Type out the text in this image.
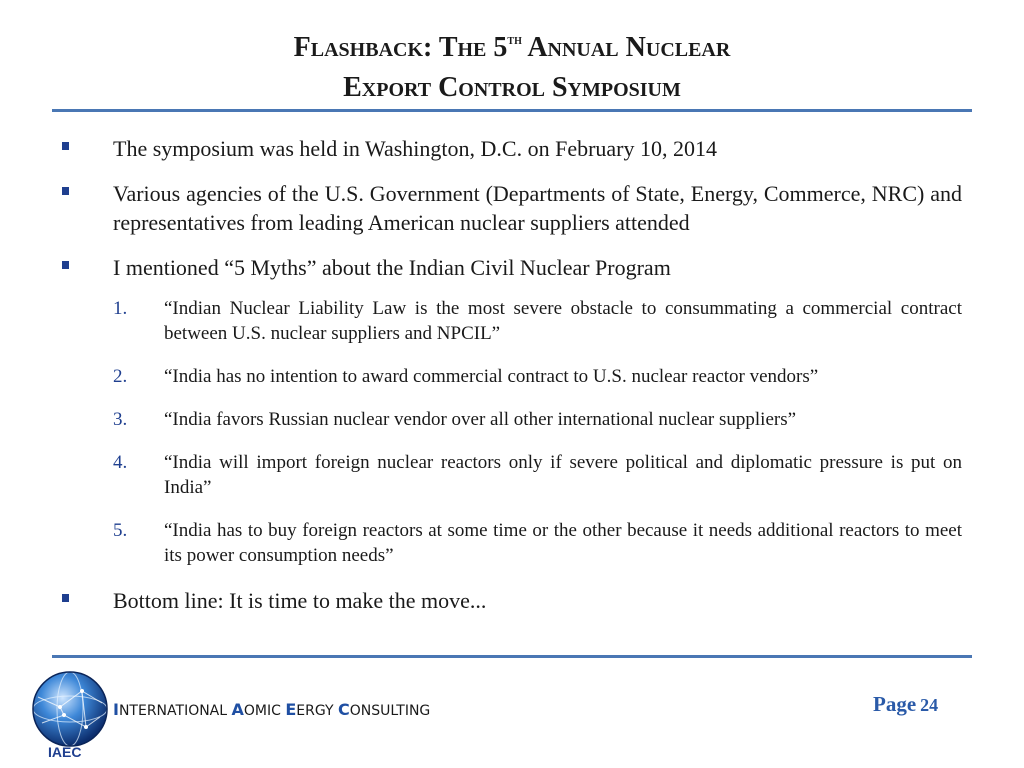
Flashback: The 5th Annual Nuclear
Export Control Symposium
The symposium was held in Washington, D.C. on February 10, 2014
Various agencies of the U.S. Government (Departments of State, Energy, Commerce, NRC) and representatives from leading American nuclear suppliers attended
I mentioned “5 Myths” about the Indian Civil Nuclear Program
1. “Indian Nuclear Liability Law is the most severe obstacle to consummating a commercial contract between U.S. nuclear suppliers and NPCIL”
2. “India has no intention to award commercial contract to U.S. nuclear reactor vendors”
3. “India favors Russian nuclear vendor over all other international nuclear suppliers”
4. “India will import foreign nuclear reactors only if severe political and diplomatic pressure is put on India”
5. “India has to buy foreign reactors at some time or the other because it needs additional reactors to meet its power consumption needs”
Bottom line: It is time to make the move...
IAEC
INTERNATIONAL AOMIC EERGY CONSULTING	Page 24
